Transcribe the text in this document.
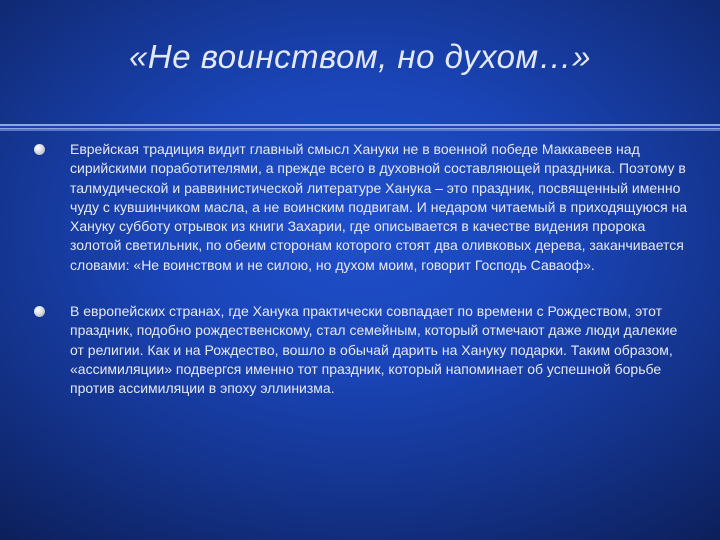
«Не воинством, но духом…»
Еврейская традиция видит главный смысл Хануки не в военной победе Маккавеев над сирийскими поработителями, а прежде всего в духовной составляющей праздника. Поэтому в талмудической и раввинистической литературе Ханука – это праздник, посвященный именно чуду с кувшинчиком масла, а не воинским подвигам. И недаром читаемый в приходящуюся на Хануку субботу отрывок из книги Захарии, где описывается в качестве видения пророка золотой светильник, по обеим сторонам которого стоят два оливковых дерева, заканчивается словами: «Не воинством и не силою, но духом моим, говорит Господь Саваоф».
В европейских странах, где Ханука практически совпадает по времени с Рождеством, этот праздник, подобно рождественскому, стал семейным, который отмечают даже люди далекие от религии. Как и на Рождество, вошло в обычай дарить на Хануку подарки. Таким образом, «ассимиляции» подвергся именно тот праздник, который напоминает об успешной борьбе против ассимиляции в эпоху эллинизма.
